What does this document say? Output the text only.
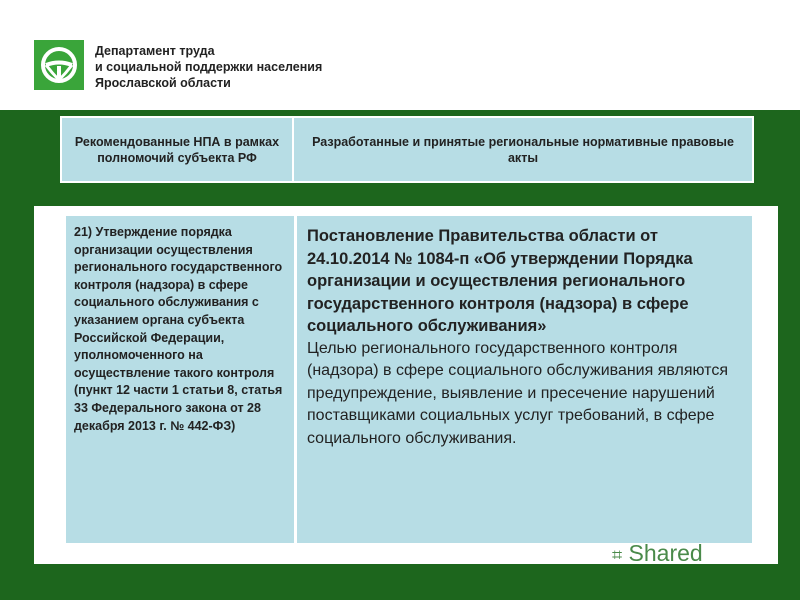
Департамент труда
и социальной поддержки населения
Ярославской области
Рекомендованные НПА в рамках полномочий субъекта РФ
Разработанные и принятые региональные нормативные правовые акты
21) Утверждение порядка организации осуществления регионального государственного контроля (надзора) в сфере социального обслуживания с указанием органа субъекта Российской Федерации, уполномоченного на осуществление такого контроля (пункт 12 части 1 статьи 8, статья 33 Федерального закона от 28 декабря 2013 г. № 442-ФЗ)
Постановление Правительства области от 24.10.2014 № 1084-п «Об утверждении Порядка организации и осуществления регионального государственного контроля (надзора) в сфере социального обслуживания»
Целью регионального государственного контроля (надзора) в сфере социального обслуживания являются предупреждение, выявление и пресечение нарушений поставщиками социальных услуг требований, в сфере социального обслуживания.
⌗ Shared
